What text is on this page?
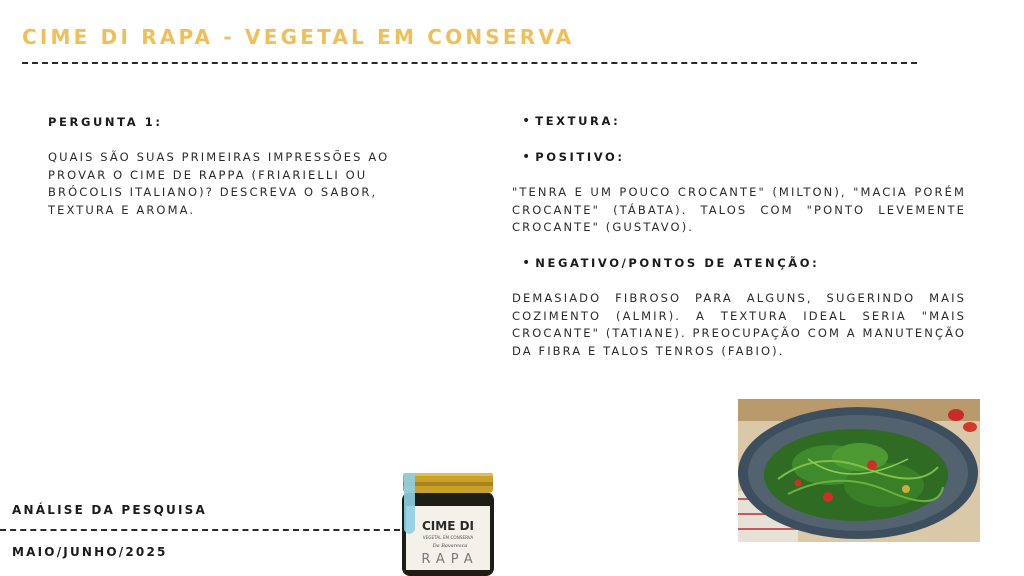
CIME DI RAPA - VEGETAL EM CONSERVA
PERGUNTA 1:
QUAIS SÃO SUAS PRIMEIRAS IMPRESSÕES AO PROVAR O CIME DE RAPPA (FRIARIELLI OU BRÓCOLIS ITALIANO)? DESCREVA O SABOR, TEXTURA E AROMA.
• TEXTURA:
• POSITIVO:
"TENRA E UM POUCO CROCANTE" (MILTON), "MACIA PORÉM CROCANTE" (TÁBATA). TALOS COM "PONTO LEVEMENTE CROCANTE" (GUSTAVO).
• NEGATIVO/PONTOS DE ATENÇÃO:
DEMASIADO FIBROSO PARA ALGUNS, SUGERINDO MAIS COZIMENTO (ALMIR). A TEXTURA IDEAL SERIA "MAIS CROCANTE" (TATIANE). PREOCUPAÇÃO COM A MANUTENÇÃO DA FIBRA E TALOS TENROS (FABIO).
ANÁLISE DA PESQUISA
MAIO/JUNHO/2025
CIME DI
VEGETAL EM CONSERVA
Da Bavaresca
RAPA
